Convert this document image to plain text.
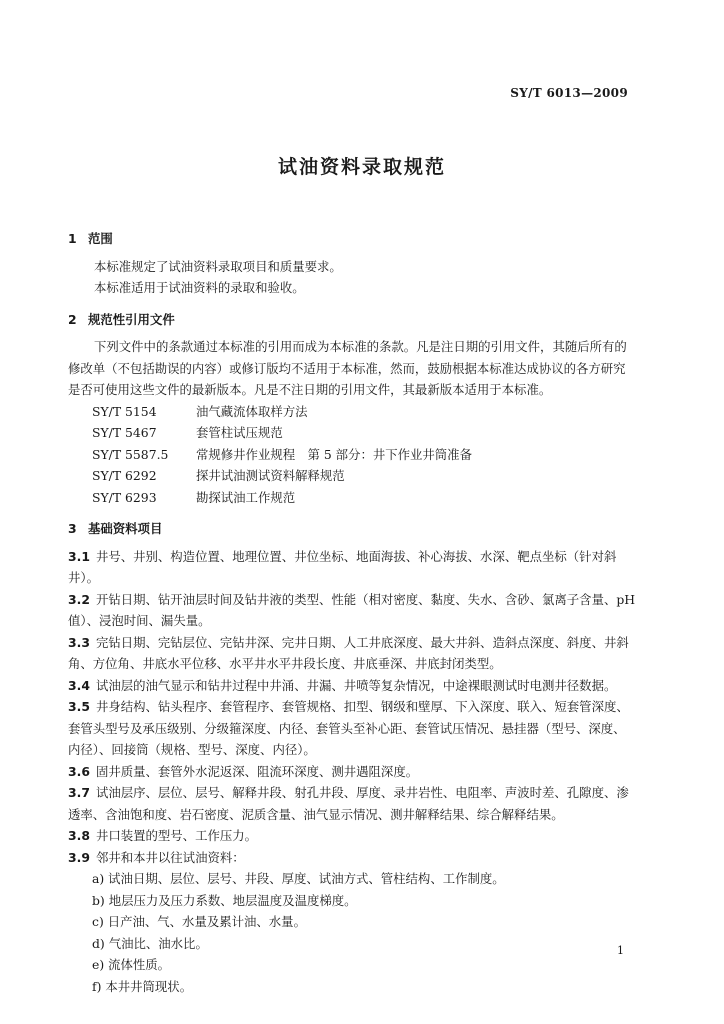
SY/T 6013—2009
试油资料录取规范
1 范围

本标准规定了试油资料录取项目和质量要求。

本标准适用于试油资料的录取和验收。

2 规范性引用文件

下列文件中的条款通过本标准的引用而成为本标准的条款。凡是注日期的引用文件，其随后所有的修改单（不包括勘误的内容）或修订版均不适用于本标准，然而，鼓励根据本标准达成协议的各方研究是否可使用这些文件的最新版本。凡是不注日期的引用文件，其最新版本适用于本标准。

SY/T 5154	油气藏流体取样方法
SY/T 5467	套管柱试压规范
SY/T 5587.5 常规修井作业规程　第 5 部分：井下作业井筒准备
SY/T 6292	探井试油测试资料解释规范
SY/T 6293	勘探试油工作规范
3 基础资料项目

3.1 井号、井别、构造位置、地理位置、井位坐标、地面海拔、补心海拔、水深、靶点坐标（针对斜井）。

3.2 开钻日期、钻开油层时间及钻井液的类型、性能（相对密度、黏度、失水、含砂、氯离子含量、pH 值）、浸泡时间、漏失量。

3.3 完钻日期、完钻层位、完钻井深、完井日期、人工井底深度、最大井斜、造斜点深度、斜度、井斜角、方位角、井底水平位移、水平井水平井段长度、井底垂深、井底封闭类型。

3.4 试油层的油气显示和钻井过程中井涌、井漏、井喷等复杂情况，中途裸眼测试时电测井径数据。

3.5 井身结构、钻头程序、套管程序、套管规格、扣型、钢级和壁厚、下入深度、联入、短套管深度、套管头型号及承压级别、分级箍深度、内径、套管头至补心距、套管试压情况、悬挂器（型号、深度、内径）、回接筒（规格、型号、深度、内径）。

3.6 固井质量、套管外水泥返深、阻流环深度、测井遇阻深度。

3.7 试油层序、层位、层号、解释井段、射孔井段、厚度、录井岩性、电阻率、声波时差、孔隙度、渗透率、含油饱和度、岩石密度、泥质含量、油气显示情况、测井解释结果、综合解释结果。

3.8 井口装置的型号、工作压力。

3.9 邻井和本井以往试油资料：

a) 试油日期、层位、层号、井段、厚度、试油方式、管柱结构、工作制度。
b) 地层压力及压力系数、地层温度及温度梯度。
c) 日产油、气、水量及累计油、水量。
d) 气油比、油水比。
e) 流体性质。
f) 本井井筒现状。
1
